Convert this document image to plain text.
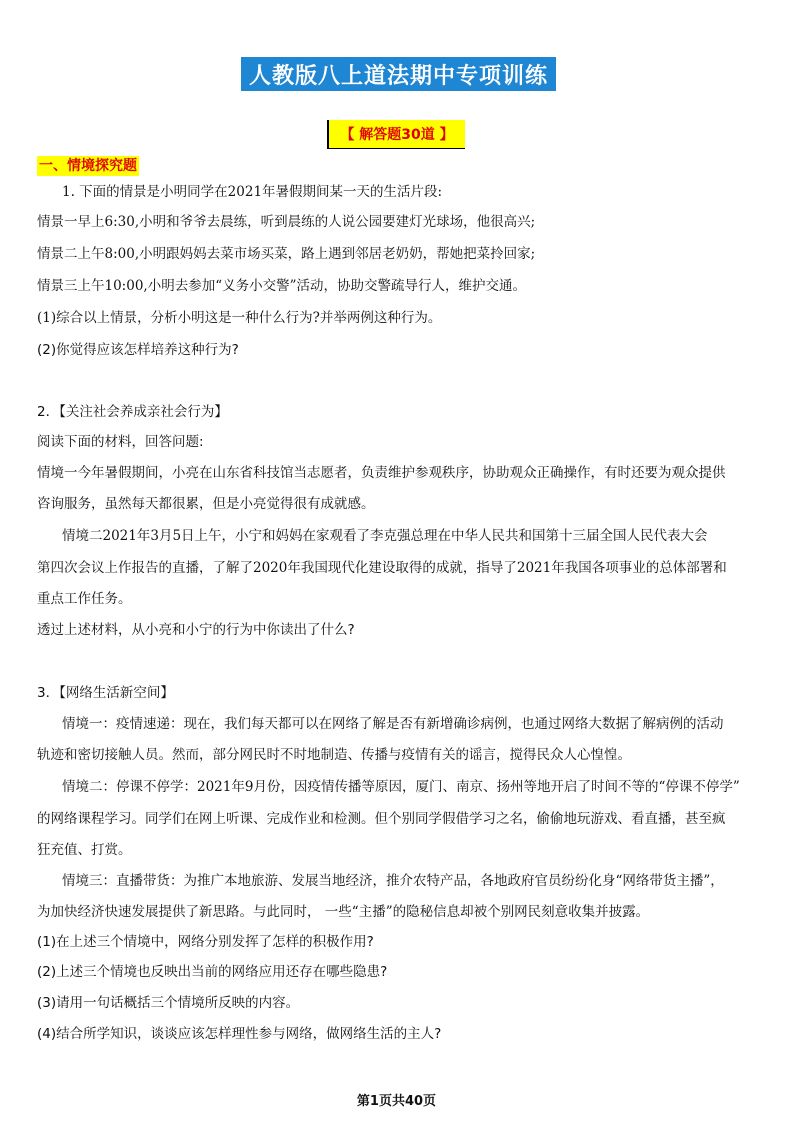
人教版八上道法期中专项训练
【 解答题30道 】
一、情境探究题
1. 下面的情景是小明同学在2021年暑假期间某一天的生活片段:
情景一早上6:30,小明和爷爷去晨练，听到晨练的人说公园要建灯光球场，他很高兴;
情景二上午8:00,小明跟妈妈去菜市场买菜，路上遇到邻居老奶奶，帮她把菜拎回家;
情景三上午10:00,小明去参加“义务小交警”活动，协助交警疏导行人，维护交通。
(1)综合以上情景，分析小明这是一种什么行为?并举两例这种行为。
(2)你觉得应该怎样培养这种行为?
2．【关注社会养成亲社会行为】
阅读下面的材料，回答问题:
情境一今年暑假期间，小亮在山东省科技馆当志愿者，负责维护参观秩序，协助观众正确操作，有时还要为观众提供
咨询服务，虽然每天都很累，但是小亮觉得很有成就感。
情境二2021年3月5日上午，小宁和妈妈在家观看了李克强总理在中华人民共和国第十三届全国人民代表大会
第四次会议上作报告的直播，了解了2020年我国现代化建设取得的成就，指导了2021年我国各项事业的总体部署和
重点工作任务。
透过上述材料，从小亮和小宁的行为中你读出了什么?
3．【网络生活新空间】
情境一：疫情速递：现在，我们每天都可以在网络了解是否有新增确诊病例，也通过网络大数据了解病例的活动
轨迹和密切接触人员。然而，部分网民时不时地制造、传播与疫情有关的谣言，搅得民众人心惶惶。
情境二：停课不停学：2021年9月份，因疫情传播等原因，厦门、南京、扬州等地开启了时间不等的“停课不停学”
的网络课程学习。同学们在网上听课、完成作业和检测。但个别同学假借学习之名，偷偷地玩游戏、看直播，甚至疯
狂充值、打赏。
情境三：直播带货：为推广本地旅游、发展当地经济，推介农特产品，各地政府官员纷纷化身“网络带货主播”，
为加快经济快速发展提供了新思路。与此同时， 一些“主播”的隐秘信息却被个别网民刻意收集并披露。
(1)在上述三个情境中，网络分别发挥了怎样的积极作用?
(2)上述三个情境也反映出当前的网络应用还存在哪些隐患?
(3)请用一句话概括三个情境所反映的内容。
(4)结合所学知识，谈谈应该怎样理性参与网络，做网络生活的主人?
第1页共40页
